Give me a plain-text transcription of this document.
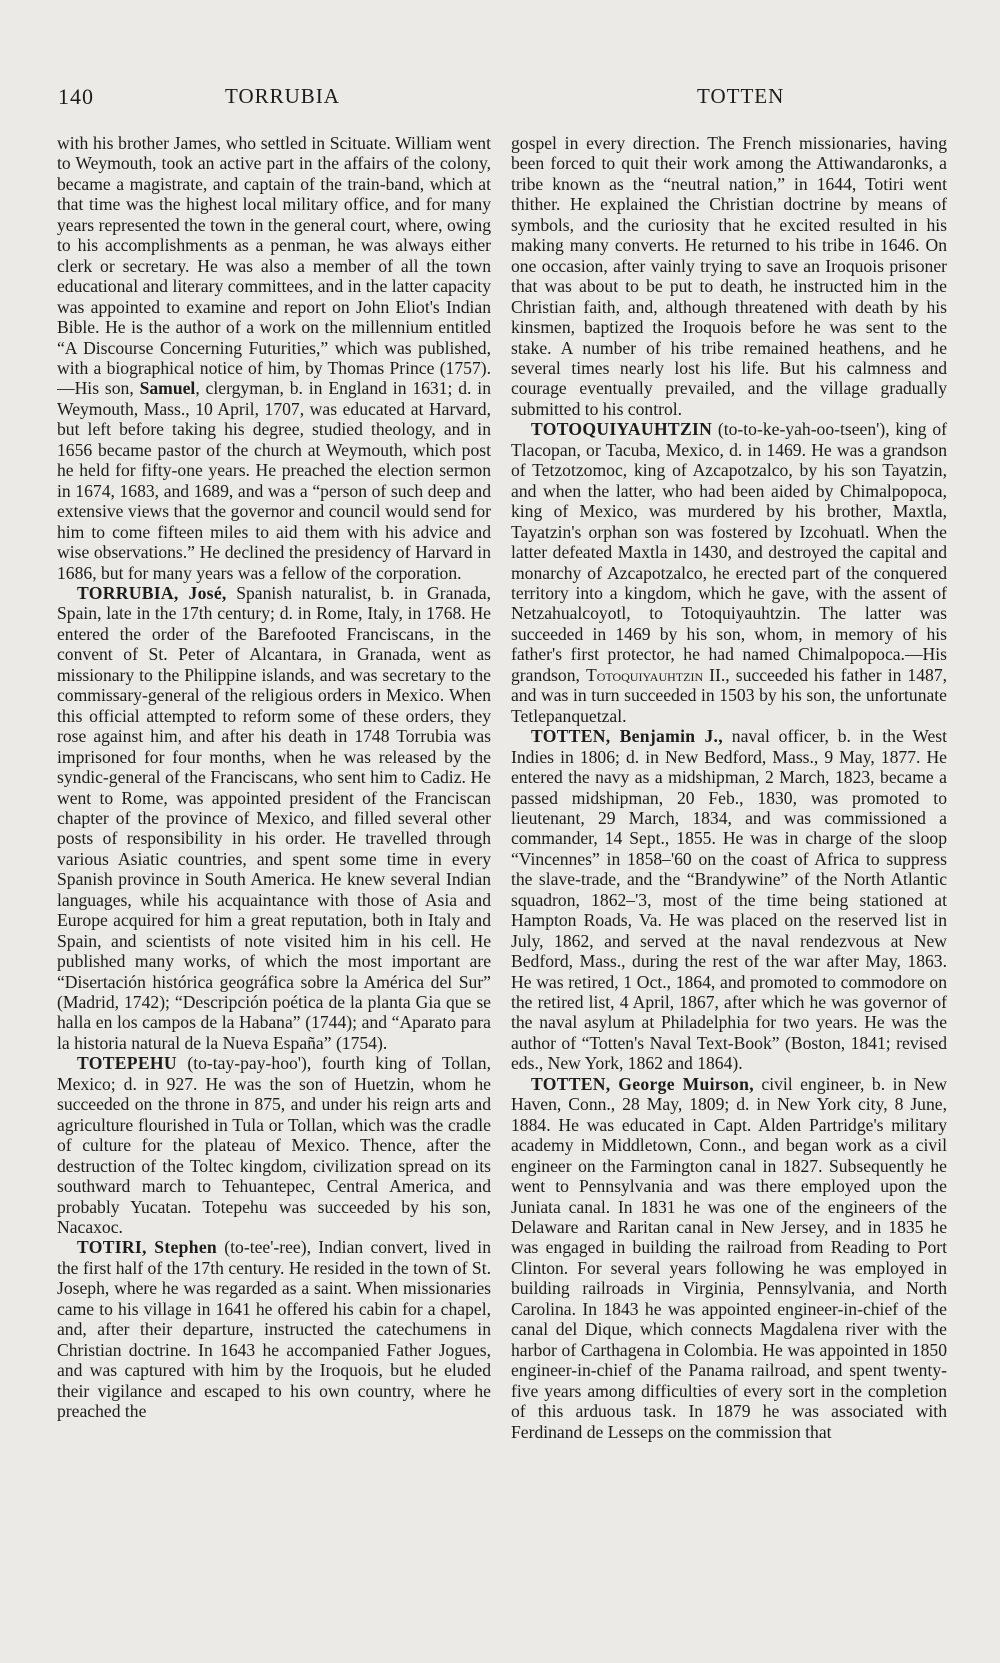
140	TORRUBIA	TOTTEN

with his brother James, who settled in Scituate. William went to Weymouth, took an active part in the affairs of the colony, became a magistrate, and captain of the train-band, which at that time was the highest local military office, and for many years represented the town in the general court, where, owing to his accomplishments as a penman, he was always either clerk or secretary. He was also a member of all the town educational and literary committees, and in the latter capacity was appointed to examine and report on John Eliot's Indian Bible. He is the author of a work on the millennium entitled “A Discourse Concerning Futurities,” which was published, with a biographical notice of him, by Thomas Prince (1757).—His son, Samuel, clergyman, b. in England in 1631; d. in Weymouth, Mass., 10 April, 1707, was educated at Harvard, but left before taking his degree, studied theology, and in 1656 became pastor of the church at Weymouth, which post he held for fifty-one years. He preached the election sermon in 1674, 1683, and 1689, and was a “person of such deep and extensive views that the governor and council would send for him to come fifteen miles to aid them with his advice and wise observations.” He declined the presidency of Harvard in 1686, but for many years was a fellow of the corporation.

TORRUBIA, José, Spanish naturalist, b. in Granada, Spain, late in the 17th century; d. in Rome, Italy, in 1768. He entered the order of the Barefooted Franciscans, in the convent of St. Peter of Alcantara, in Granada, went as missionary to the Philippine islands, and was secretary to the commissary-general of the religious orders in Mexico. When this official attempted to reform some of these orders, they rose against him, and after his death in 1748 Torrubia was imprisoned for four months, when he was released by the syndic-general of the Franciscans, who sent him to Cadiz. He went to Rome, was appointed president of the Franciscan chapter of the province of Mexico, and filled several other posts of responsibility in his order. He travelled through various Asiatic countries, and spent some time in every Spanish province in South America. He knew several Indian languages, while his acquaintance with those of Asia and Europe acquired for him a great reputation, both in Italy and Spain, and scientists of note visited him in his cell. He published many works, of which the most important are “Disertación histórica geográfica sobre la América del Sur” (Madrid, 1742); “Descripción poética de la planta Gia que se halla en los campos de la Habana” (1744); and “Aparato para la historia natural de la Nueva España” (1754).

TOTEPEHU (to-tay-pay-hoo'), fourth king of Tollan, Mexico; d. in 927. He was the son of Huetzin, whom he succeeded on the throne in 875, and under his reign arts and agriculture flourished in Tula or Tollan, which was the cradle of culture for the plateau of Mexico. Thence, after the destruction of the Toltec kingdom, civilization spread on its southward march to Tehuantepec, Central America, and probably Yucatan. Totepehu was succeeded by his son, Nacaxoc.

TOTIRI, Stephen (to-tee'-ree), Indian convert, lived in the first half of the 17th century. He resided in the town of St. Joseph, where he was regarded as a saint. When missionaries came to his village in 1641 he offered his cabin for a chapel, and, after their departure, instructed the catechumens in Christian doctrine. In 1643 he accompanied Father Jogues, and was captured with him by the Iroquois, but he eluded their vigilance and escaped to his own country, where he preached the

gospel in every direction. The French missionaries, having been forced to quit their work among the Attiwandaronks, a tribe known as the “neutral nation,” in 1644, Totiri went thither. He explained the Christian doctrine by means of symbols, and the curiosity that he excited resulted in his making many converts. He returned to his tribe in 1646. On one occasion, after vainly trying to save an Iroquois prisoner that was about to be put to death, he instructed him in the Christian faith, and, although threatened with death by his kinsmen, baptized the Iroquois before he was sent to the stake. A number of his tribe remained heathens, and he several times nearly lost his life. But his calmness and courage eventually prevailed, and the village gradually submitted to his control.

TOTOQUIYAUHTZIN (to-to-ke-yah-oo-tseen'), king of Tlacopan, or Tacuba, Mexico, d. in 1469. He was a grandson of Tetzotzomoc, king of Azcapotzalco, by his son Tayatzin, and when the latter, who had been aided by Chimalpopoca, king of Mexico, was murdered by his brother, Maxtla, Tayatzin's orphan son was fostered by Izcohuatl. When the latter defeated Maxtla in 1430, and destroyed the capital and monarchy of Azcapotzalco, he erected part of the conquered territory into a kingdom, which he gave, with the assent of Netzahualcoyotl, to Totoquiyauhtzin. The latter was succeeded in 1469 by his son, whom, in memory of his father's first protector, he had named Chimalpopoca.—His grandson, Totoquiyauhtzin II., succeeded his father in 1487, and was in turn succeeded in 1503 by his son, the unfortunate Tetlepanquetzal.

TOTTEN, Benjamin J., naval officer, b. in the West Indies in 1806; d. in New Bedford, Mass., 9 May, 1877. He entered the navy as a midshipman, 2 March, 1823, became a passed midshipman, 20 Feb., 1830, was promoted to lieutenant, 29 March, 1834, and was commissioned a commander, 14 Sept., 1855. He was in charge of the sloop “Vincennes” in 1858–'60 on the coast of Africa to suppress the slave-trade, and the “Brandywine” of the North Atlantic squadron, 1862–'3, most of the time being stationed at Hampton Roads, Va. He was placed on the reserved list in July, 1862, and served at the naval rendezvous at New Bedford, Mass., during the rest of the war after May, 1863. He was retired, 1 Oct., 1864, and promoted to commodore on the retired list, 4 April, 1867, after which he was governor of the naval asylum at Philadelphia for two years. He was the author of “Totten's Naval Text-Book” (Boston, 1841; revised eds., New York, 1862 and 1864).

TOTTEN, George Muirson, civil engineer, b. in New Haven, Conn., 28 May, 1809; d. in New York city, 8 June, 1884. He was educated in Capt. Alden Partridge's military academy in Middletown, Conn., and began work as a civil engineer on the Farmington canal in 1827. Subsequently he went to Pennsylvania and was there employed upon the Juniata canal. In 1831 he was one of the engineers of the Delaware and Raritan canal in New Jersey, and in 1835 he was engaged in building the railroad from Reading to Port Clinton. For several years following he was employed in building railroads in Virginia, Pennsylvania, and North Carolina. In 1843 he was appointed engineer-in-chief of the canal del Dique, which connects Magdalena river with the harbor of Carthagena in Colombia. He was appointed in 1850 engineer-in-chief of the Panama railroad, and spent twenty-five years among difficulties of every sort in the completion of this arduous task. In 1879 he was associated with Ferdinand de Lesseps on the commission that
